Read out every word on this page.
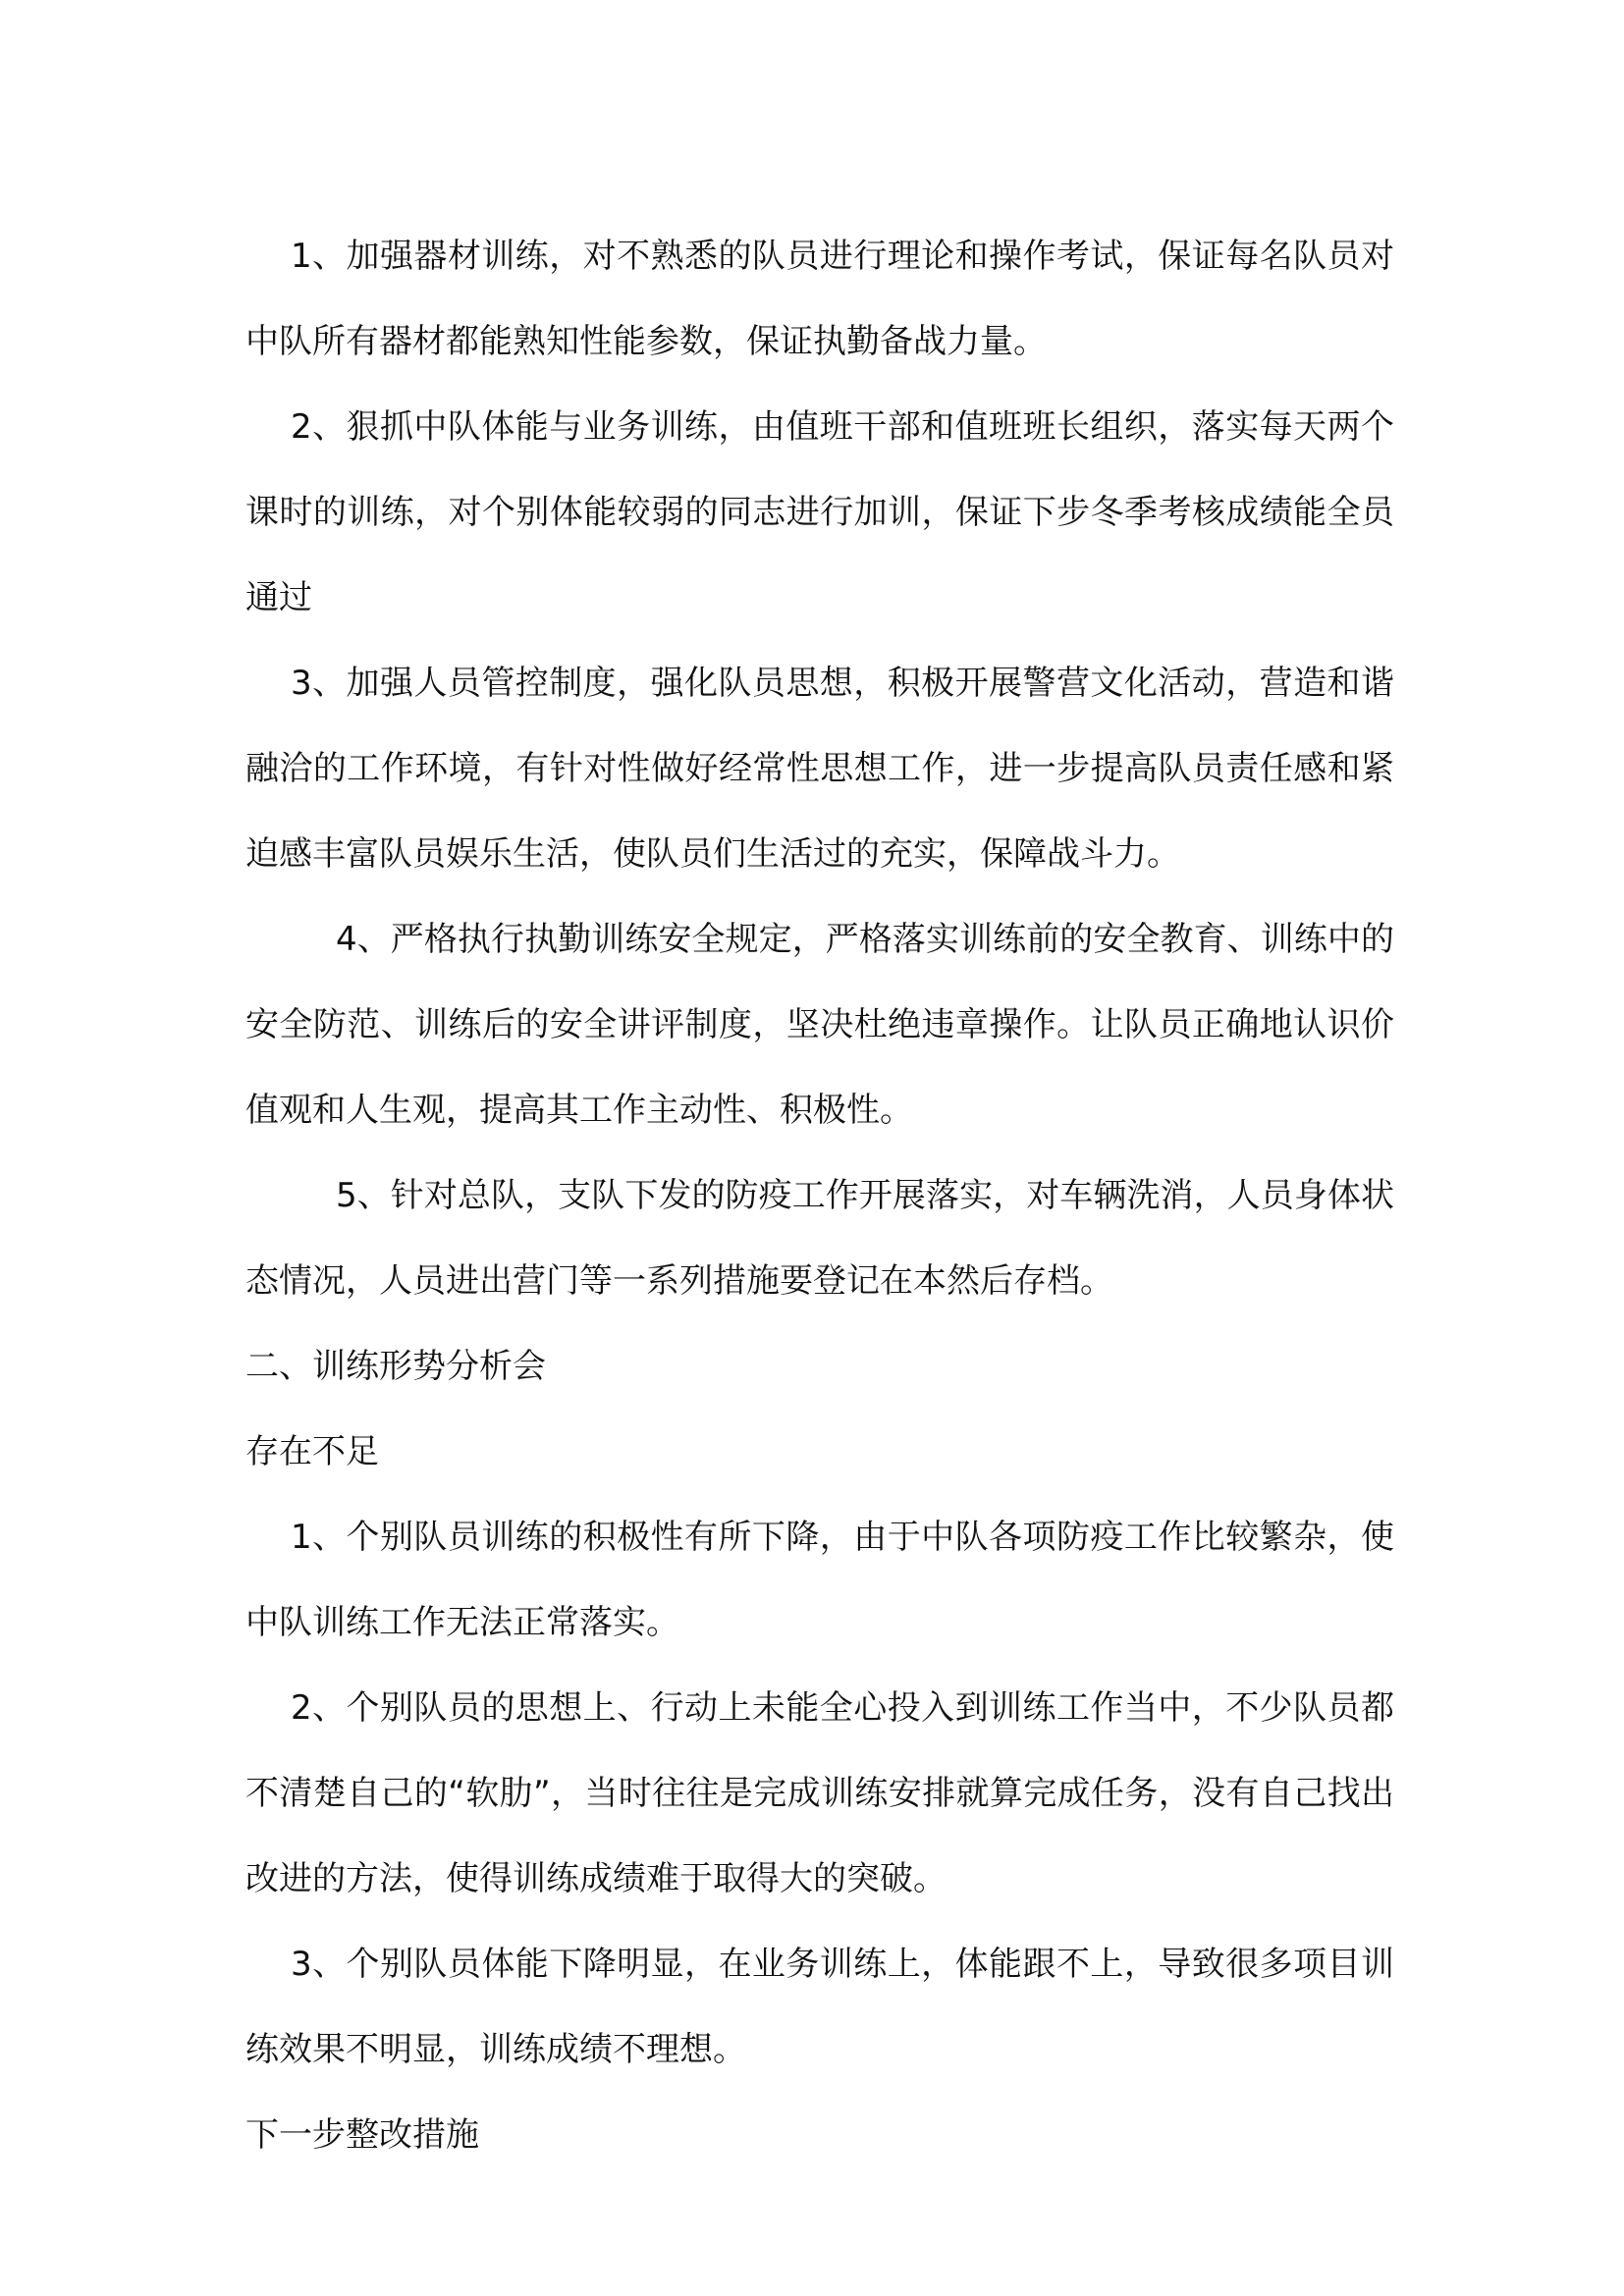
1、加强器材训练，对不熟悉的队员进行理论和操作考试，保证每名队员对中队所有器材都能熟知性能参数，保证执勤备战力量。

2、狠抓中队体能与业务训练，由值班干部和值班班长组织，落实每天两个课时的训练，对个别体能较弱的同志进行加训，保证下步冬季考核成绩能全员通过

3、加强人员管控制度，强化队员思想，积极开展警营文化活动，营造和谐融洽的工作环境，有针对性做好经常性思想工作，进一步提高队员责任感和紧迫感丰富队员娱乐生活，使队员们生活过的充实，保障战斗力。

4、严格执行执勤训练安全规定，严格落实训练前的安全教育、训练中的安全防范、训练后的安全讲评制度，坚决杜绝违章操作。让队员正确地认识价值观和人生观，提高其工作主动性、积极性。

5、针对总队，支队下发的防疫工作开展落实，对车辆洗消，人员身体状态情况，人员进出营门等一系列措施要登记在本然后存档。

二、训练形势分析会

存在不足

1、个别队员训练的积极性有所下降，由于中队各项防疫工作比较繁杂，使中队训练工作无法正常落实。

2、个别队员的思想上、行动上未能全心投入到训练工作当中，不少队员都不清楚自己的“软肋”，当时往往是完成训练安排就算完成任务，没有自己找出改进的方法，使得训练成绩难于取得大的突破。

3、个别队员体能下降明显，在业务训练上，体能跟不上，导致很多项目训练效果不明显，训练成绩不理想。

下一步整改措施
